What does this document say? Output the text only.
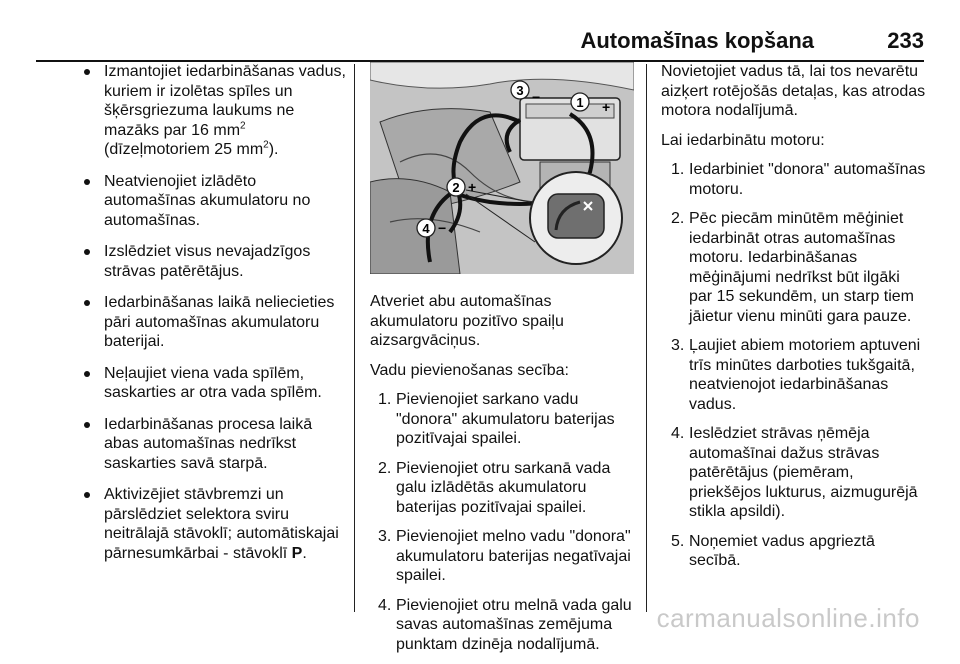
Automašīnas kopšana	233
Izmantojiet iedarbināšanas vadus, kuriem ir izolētas spīles un šķērsgriezuma laukums ne mazāks par 16 $mm^2$
(dīzeļmotoriem 25 $mm^2$).
Neatvienojiet izlādēto automašīnas akumulatoru no automašīnas.
Izslēdziet visus nevajadzīgos strāvas patērētājus.
Iedarbināšanas laikā neliecieties pāri automašīnas akumulatoru baterijai.
Neļaujiet viena vada spīlēm, saskarties ar otra vada spīlēm.
Iedarbināšanas procesa laikā abas automašīnas nedrīkst saskarties savā starpā.
Aktivizējiet stāvbremzi un pārslēdziet selektora sviru neitrālajā stāvoklī; automātiskajai pārnesumkārbai - stāvoklī P.
1
3
2
4
+
−
+
−

Atveriet abu automašīnas akumulatoru pozitīvo spaiļu aizsargvāciņus.

Vadu pievienošanas secība:

1. Pievienojiet sarkano vadu "donora" akumulatoru baterijas pozitīvajai spailei.
2. Pievienojiet otru sarkanā vada galu izlādētās akumulatoru baterijas pozitīvajai spailei.
3. Pievienojiet melno vadu "donora" akumulatoru baterijas negatīvajai spailei.
4. Pievienojiet otru melnā vada galu savas automašīnas zemējuma punktam dzinēja nodalījumā.

Novietojiet vadus tā, lai tos nevarētu aizķert rotējošās detaļas, kas atrodas motora nodalījumā.

Lai iedarbinātu motoru:

1. Iedarbiniet "donora" automašīnas motoru.
2. Pēc piecām minūtēm mēģiniet iedarbināt otras automašīnas motoru. Iedarbināšanas mēģinājumi nedrīkst būt ilgāki par 15 sekundēm, un starp tiem jāietur vienu minūti gara pauze.
3. Ļaujiet abiem motoriem aptuveni trīs minūtes darboties tukšgaitā, neatvienojot iedarbināšanas vadus.
4. Ieslēdziet strāvas ņēmēja automašīnai dažus strāvas patērētājus (piemēram, priekšējos lukturus, aizmugurējā stikla apsildi).
5. Noņemiet vadus apgrieztā secībā.
carmanualsonline.info
